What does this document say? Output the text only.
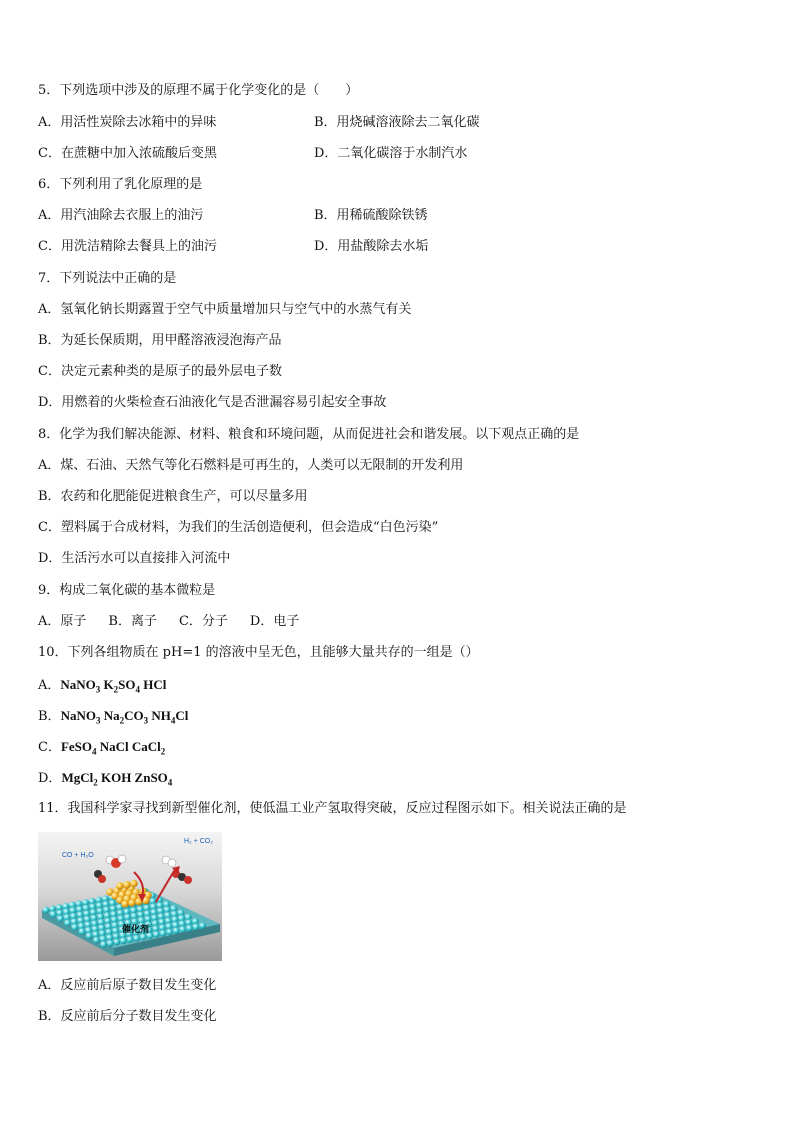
5．下列选项中涉及的原理不属于化学变化的是（　　）
A．用活性炭除去冰箱中的异味	B．用烧碱溶液除去二氧化碳
C．在蔗糖中加入浓硫酸后变黑	D．二氧化碳溶于水制汽水
6．下列利用了乳化原理的是
A．用汽油除去衣服上的油污	B．用稀硫酸除铁锈
C．用洗洁精除去餐具上的油污	D．用盐酸除去水垢
7．下列说法中正确的是
A．氢氧化钠长期露置于空气中质量增加只与空气中的水蒸气有关
B．为延长保质期，用甲醛溶液浸泡海产品
C．决定元素种类的是原子的最外层电子数
D．用燃着的火柴检查石油液化气是否泄漏容易引起安全事故
8．化学为我们解决能源、材料、粮食和环境问题，从而促进社会和谐发展。以下观点正确的是
A．煤、石油、天然气等化石燃料是可再生的，人类可以无限制的开发利用
B．农药和化肥能促进粮食生产，可以尽量多用
C．塑料属于合成材料，为我们的生活创造便利，但会造成“白色污染”
D．生活污水可以直接排入河流中
9．构成二氧化碳的基本微粒是
A．原子 B．离子 C．分子 D．电子
10．下列各组物质在 pH=1 的溶液中呈无色，且能够大量共存的一组是（）
A．NaNO$_3$ $K_2SO_4$ HCl
B．NaNO$_3$ $Na_2CO_3$ $NH_4Cl$
C．FeSO$_4$ NaCl CaCl$_2$
D．MgCl$_2$ KOH ZnSO$_4$
11．我国科学家寻找到新型催化剂，使低温工业产氢取得突破，反应过程图示如下。相关说法正确的是
CO + H₂O
H₂ + CO₂
催化剂
A．反应前后原子数目发生变化
B．反应前后分子数目发生变化
